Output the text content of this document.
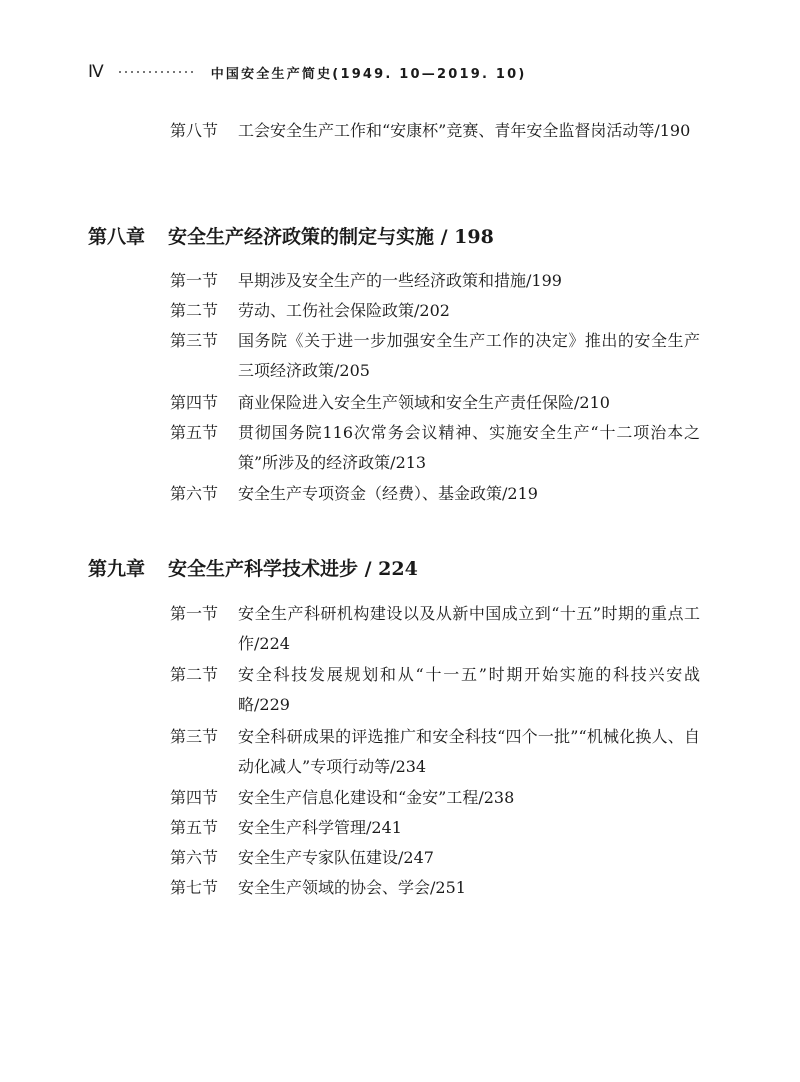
Ⅳ	中国安全生产简史(1949. 10—2019. 10)
第八节	工会安全生产工作和“安康杯”竞赛、青年安全监督岗活动等/190
第八章 安全生产经济政策的制定与实施 / 198
第一节	早期涉及安全生产的一些经济政策和措施/199
第二节	劳动、工伤社会保险政策/202
第三节	国务院《关于进一步加强安全生产工作的决定》推出的安全生产三项经济政策/205
第四节	商业保险进入安全生产领域和安全生产责任保险/210
第五节	贯彻国务院116次常务会议精神、实施安全生产“十二项治本之策”所涉及的经济政策/213
第六节	安全生产专项资金（经费）、基金政策/219
第九章 安全生产科学技术进步 / 224
第一节	安全生产科研机构建设以及从新中国成立到“十五”时期的重点工作/224
第二节	安全科技发展规划和从“十一五”时期开始实施的科技兴安战略/229
第三节	安全科研成果的评选推广和安全科技“四个一批”“机械化换人、自动化减人”专项行动等/234
第四节	安全生产信息化建设和“金安”工程/238
第五节	安全生产科学管理/241
第六节	安全生产专家队伍建设/247
第七节	安全生产领域的协会、学会/251
